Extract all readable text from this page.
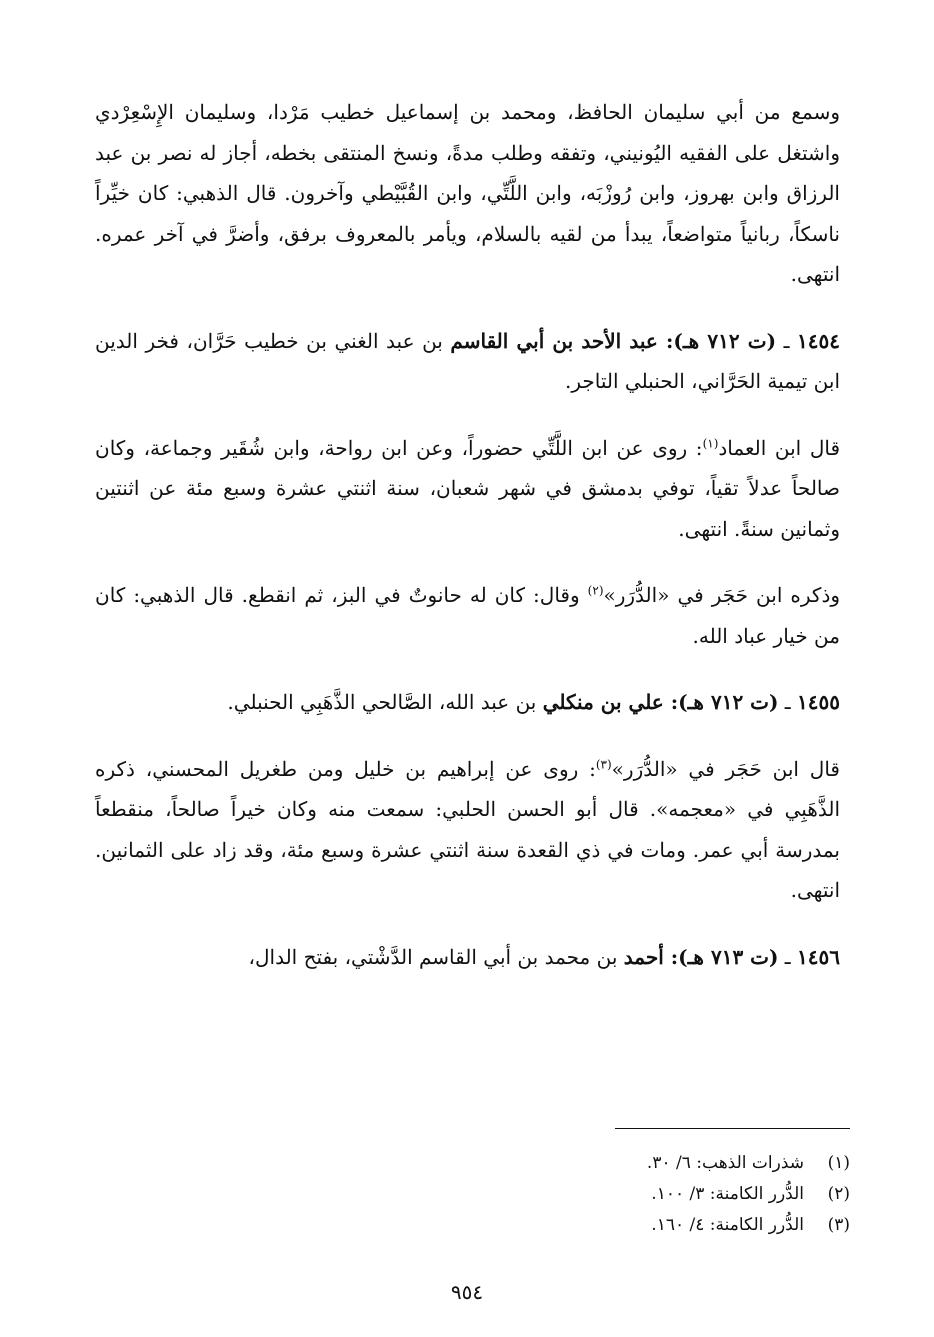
وسمع من أبي سليمان الحافظ، ومحمد بن إسماعيل خطيب مَرْدا، وسليمان الإِسْعِرْدي واشتغل على الفقيه اليُونيني، وتفقه وطلب مدةً، ونسخ المنتقى بخطه، أجاز له نصر بن عبد الرزاق وابن بهروز، وابن رُوزْبَه، وابن اللَّتِّي، وابن القُبَّيْطي وآخرون. قال الذهبي: كان خيِّراً ناسكاً، ربانياً متواضعاً، يبدأ من لقيه بالسلام، ويأمر بالمعروف برفق، وأضرَّ في آخر عمره. انتهى.

١٤٥٤ ـ (ت ٧١٢ هـ): عبد الأحد بن أبي القاسم بن عبد الغني بن خطيب حَرَّان، فخر الدين ابن تيمية الحَرَّاني، الحنبلي التاجر.

قال ابن العماد$^{(١)}$: روى عن ابن اللَّتِّي حضوراً، وعن ابن رواحة، وابن شُقَير وجماعة، وكان صالحاً عدلاً تقياً، توفي بدمشق في شهر شعبان، سنة اثنتي عشرة وسبع مئة عن اثنتين وثمانين سنةً. انتهى.

وذكره ابن حَجَر في «الدُّرَر»$^{(٢)}$ وقال: كان له حانوتٌ في البز، ثم انقطع. قال الذهبي: كان من خيار عباد الله.

١٤٥٥ ـ (ت ٧١٢ هـ): علي بن منكلي بن عبد الله، الصَّالحي الذَّهَبِي الحنبلي.

قال ابن حَجَر في «الدُّرَر»$^{(٣)}$: روى عن إبراهيم بن خليل ومن طغريل المحسني، ذكره الذَّهَبِي في «معجمه». قال أبو الحسن الحلبي: سمعت منه وكان خيراً صالحاً، منقطعاً بمدرسة أبي عمر. ومات في ذي القعدة سنة اثنتي عشرة وسبع مئة، وقد زاد على الثمانين. انتهى.

١٤٥٦ ـ (ت ٧١٣ هـ): أحمد بن محمد بن أبي القاسم الدَّشْتي، بفتح الدال،

(١)شذرات الذهب: ٦/ ٣٠.
(٢)الدُّرر الكامنة: ٣/ ١٠٠.
(٣)الدُّرر الكامنة: ٤/ ١٦٠.
٩٥٤
